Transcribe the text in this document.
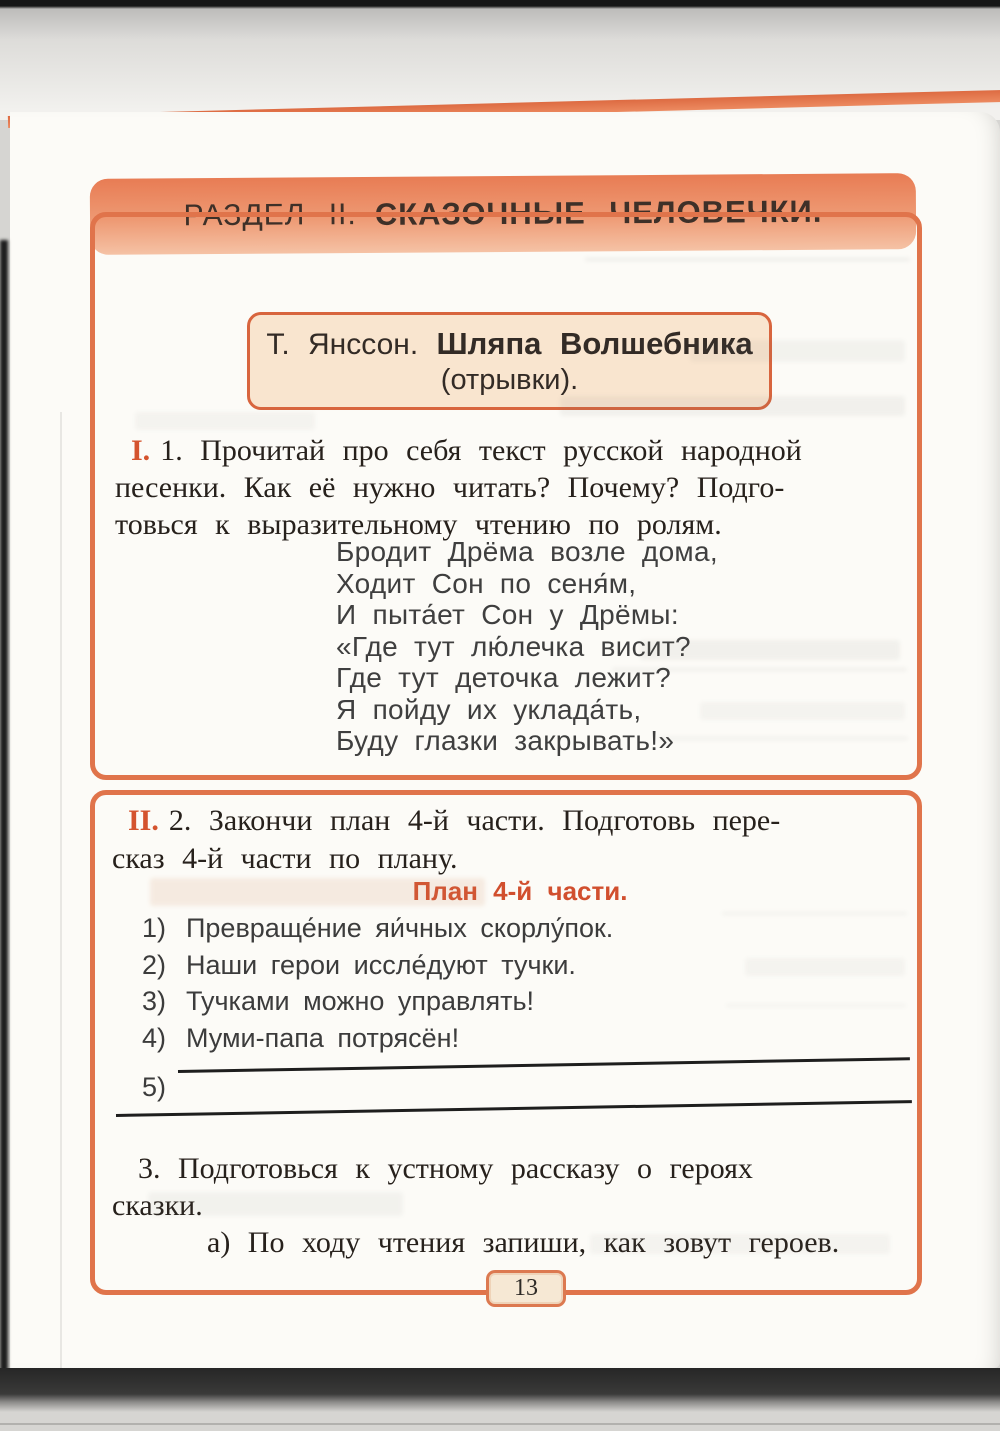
РАЗДЕЛ II. СКАЗОЧНЫЕ ЧЕЛОВЕЧКИ.
Т. Янссон. Шляпа Волшебника
(отрывки).
I. 1. Прочитай про себя текст русской народной
песенки. Как её нужно читать? Почему? Подго-
товься к выразительному чтению по ролям.
Бродит Дрёма возле дома,
Ходит Сон по сеня́м,
И пыта́ет Сон у Дрёмы:
«Где тут лю́лечка висит?
Где тут деточка лежит?
Я пойду их уклада́ть,
Буду глазки закрывать!»
II. 2. Закончи план 4-й части. Подготовь пере-
сказ 4-й части по плану.
План 4-й части.
1) Превраще́ние яи́чных скорлу́пок.
2) Наши герои иссле́дуют тучки.
3) Тучками можно управлять!
4) Муми-папа потрясён!
5)
3. Подготовься к устному рассказу о героях
сказки.
а) По ходу чтения запиши, как зовут героев.
13
